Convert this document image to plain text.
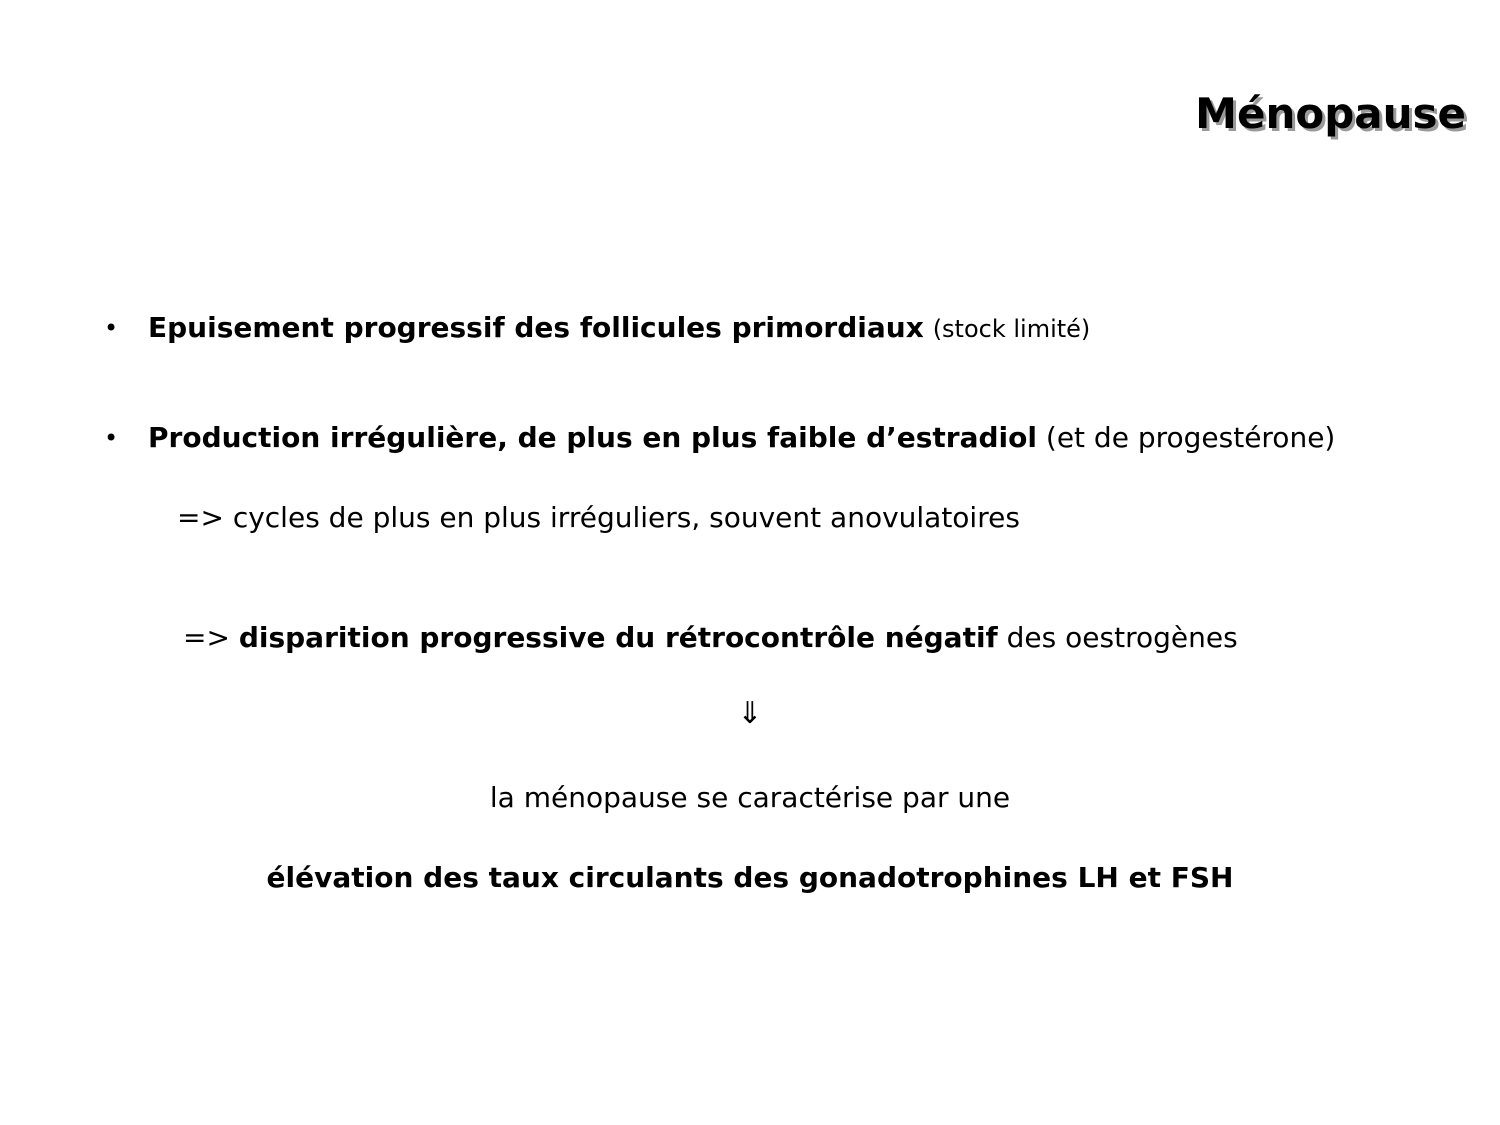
Ménopause
• Epuisement progressif des follicules primordiaux (stock limité)
• Production irrégulière, de plus en plus faible d’estradiol (et de progestérone)
=> cycles de plus en plus irréguliers, souvent anovulatoires
=> disparition progressive du rétrocontrôle négatif des oestrogènes
⇓
la ménopause se caractérise par une
élévation des taux circulants des gonadotrophines LH et FSH
